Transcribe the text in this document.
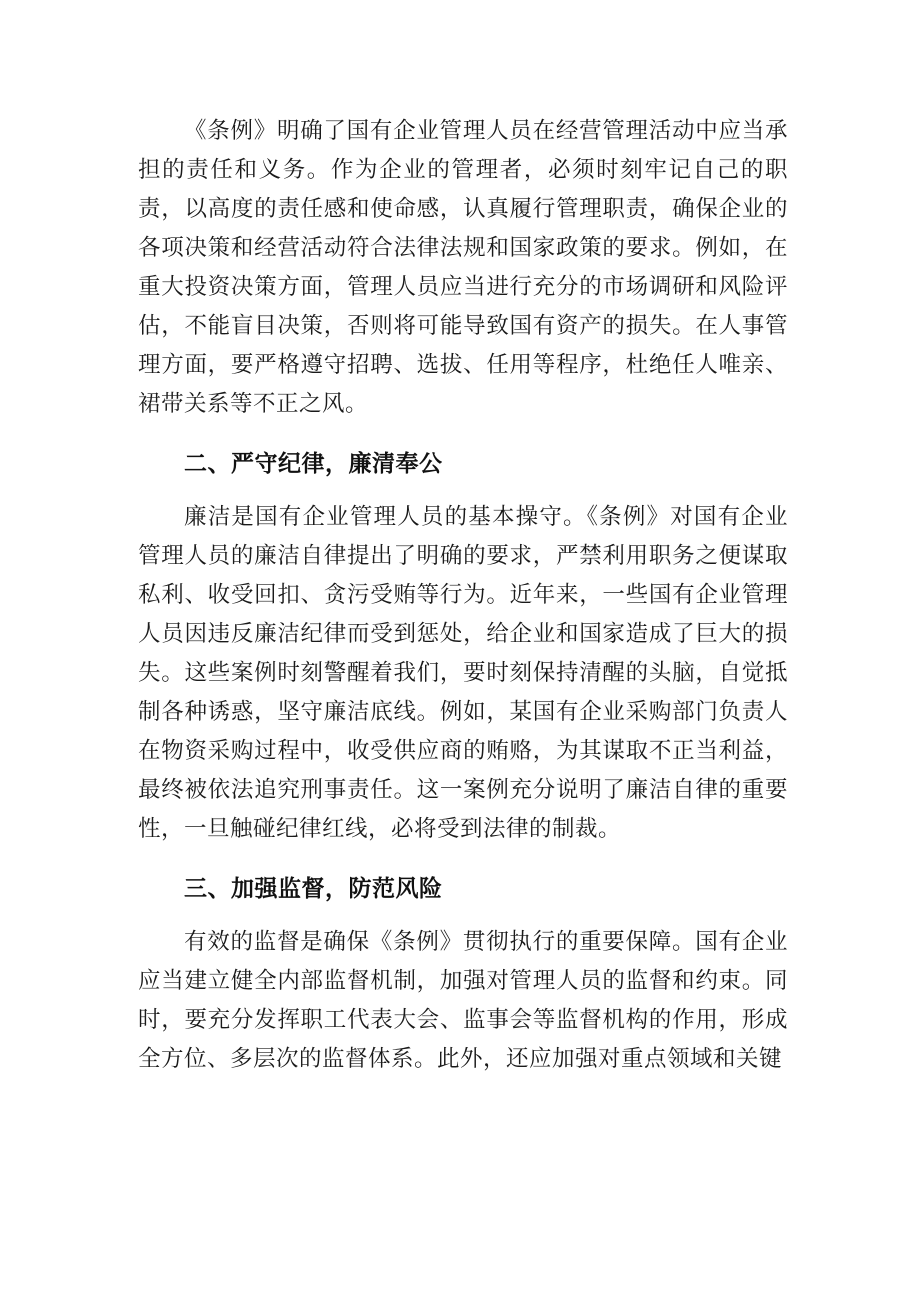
《条例》明确了国有企业管理人员在经营管理活动中应当承担的责任和义务。作为企业的管理者，必须时刻牢记自己的职责，以高度的责任感和使命感，认真履行管理职责，确保企业的各项决策和经营活动符合法律法规和国家政策的要求。例如，在重大投资决策方面，管理人员应当进行充分的市场调研和风险评估，不能盲目决策，否则将可能导致国有资产的损失。在人事管理方面，要严格遵守招聘、选拔、任用等程序，杜绝任人唯亲、裙带关系等不正之风。

二、严守纪律，廉清奉公

廉洁是国有企业管理人员的基本操守。《条例》对国有企业管理人员的廉洁自律提出了明确的要求，严禁利用职务之便谋取私利、收受回扣、贪污受贿等行为。近年来，一些国有企业管理人员因违反廉洁纪律而受到惩处，给企业和国家造成了巨大的损失。这些案例时刻警醒着我们，要时刻保持清醒的头脑，自觉抵制各种诱惑，坚守廉洁底线。例如，某国有企业采购部门负责人在物资采购过程中，收受供应商的贿赂，为其谋取不正当利益，最终被依法追究刑事责任。这一案例充分说明了廉洁自律的重要性，一旦触碰纪律红线，必将受到法律的制裁。

三、加强监督，防范风险

有效的监督是确保《条例》贯彻执行的重要保障。国有企业应当建立健全内部监督机制，加强对管理人员的监督和约束。同时，要充分发挥职工代表大会、监事会等监督机构的作用，形成全方位、多层次的监督体系。此外，还应加强对重点领域和关键
